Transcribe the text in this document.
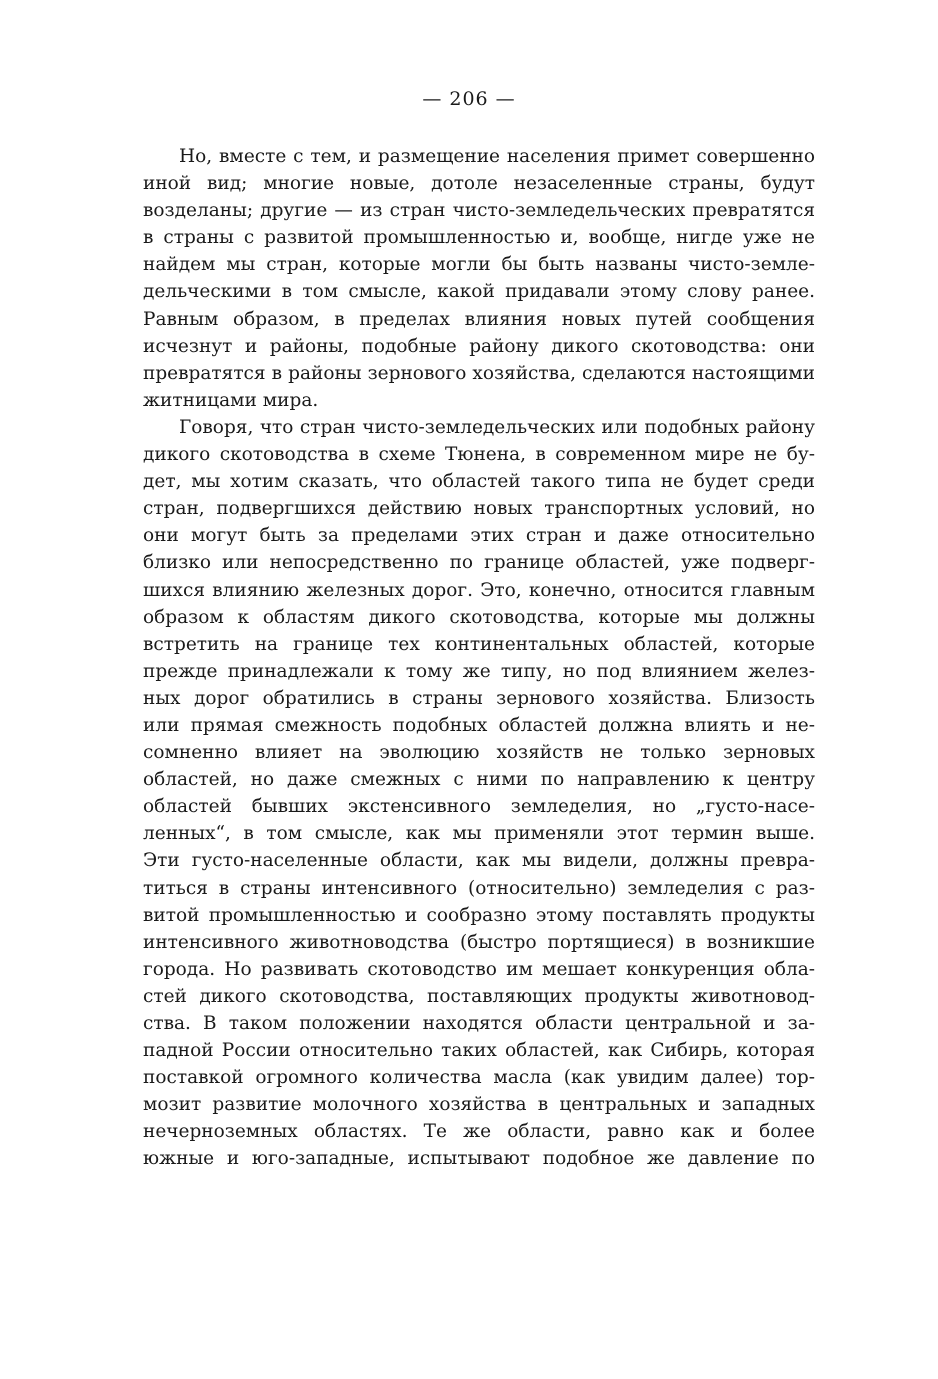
— 206 —
Но, вместе с тем, и размещение населения примет совершенно
иной вид; многие новые, дотоле незаселенные страны, будут
возделаны; другие — из стран чисто-земледельческих превратятся
в страны с развитой промышленностью и, вообще, нигде уже не
найдем мы стран, которые могли бы быть названы чисто-земле-
дельческими в том смысле, какой придавали этому слову ранее.
Равным образом, в пределах влияния новых путей сообщения
исчезнут и районы, подобные району дикого скотоводства: они
превратятся в районы зернового хозяйства, сделаются настоящими
житницами мира.
Говоря, что стран чисто-земледельческих или подобных району
дикого скотоводства в схеме Тюнена, в современном мире не бу-
дет, мы хотим сказать, что областей такого типа не будет среди
стран, подвергшихся действию новых транспортных условий, но
они могут быть за пределами этих стран и даже относительно
близко или непосредственно по границе областей, уже подверг-
шихся влиянию железных дорог. Это, конечно, относится главным
образом к областям дикого скотоводства, которые мы должны
встретить на границе тех континентальных областей, которые
прежде принадлежали к тому же типу, но под влиянием желез-
ных дорог обратились в страны зернового хозяйства. Близость
или прямая смежность подобных областей должна влиять и не-
сомненно влияет на эволюцию хозяйств не только зерновых
областей, но даже смежных с ними по направлению к центру
областей бывших экстенсивного земледелия, но „густо-насе-
ленных“, в том смысле, как мы применяли этот термин выше.
Эти густо-населенные области, как мы видели, должны превра-
титься в страны интенсивного (относительно) земледелия с раз-
витой промышленностью и сообразно этому поставлять продукты
интенсивного животноводства (быстро портящиеся) в возникшие
города. Но развивать скотоводство им мешает конкуренция обла-
стей дикого скотоводства, поставляющих продукты животновод-
ства. В таком положении находятся области центральной и за-
падной России относительно таких областей, как Сибирь, которая
поставкой огромного количества масла (как увидим далее) тор-
мозит развитие молочного хозяйства в центральных и западных
нечерноземных областях. Те же области, равно как и более
южные и юго-западные, испытывают подобное же давление по
